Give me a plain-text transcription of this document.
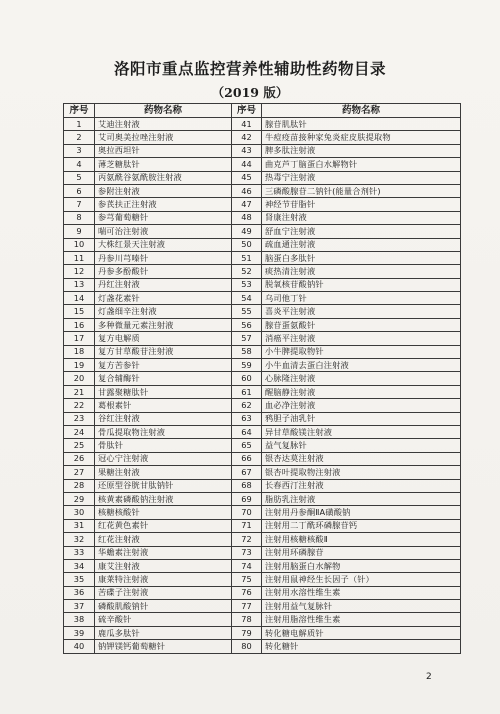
洛阳市重点监控营养性辅助性药物目录
（2019 版）
序号	药物名称	序号	药物名称
1	艾迪注射液	41	腺苷肌肽针
2	艾司奥美拉唑注射液	42	牛痘疫苗接种家兔炎症皮肤提取物
3	奥拉西坦针	43	脾多肽注射液
4	薄芝糖肽针	44	曲克芦丁脑蛋白水解物针
5	丙氨酰谷氨酰胺注射液	45	热毒宁注射液
6	参附注射液	46	三磷酸腺苷二钠针(能量合剂针)
7	参芪扶正注射液	47	神经节苷脂针
8	参芎葡萄糖针	48	肾康注射液
9	喘可治注射液	49	舒血宁注射液
10	大株红景天注射液	50	疏血通注射液
11	丹参川芎嗪针	51	脑蛋白多肽针
12	丹参多酚酸针	52	痰热清注射液
13	丹红注射液	53	脱氧核苷酸钠针
14	灯盏花素针	54	乌司他丁针
15	灯盏细辛注射液	55	喜炎平注射液
16	多种微量元素注射液	56	腺苷蛋氨酸针
17	复方电解质	57	消癌平注射液
18	复方甘草酸苷注射液	58	小牛脾提取物针
19	复方苦参针	59	小牛血清去蛋白注射液
20	复合辅酶针	60	心脉隆注射液
21	甘露聚糖肽针	61	醒脑静注射液
22	葛根素针	62	血必净注射液
23	谷红注射液	63	鸦胆子油乳针
24	骨瓜提取物注射液	64	异甘草酸镁注射液
25	骨肽针	65	益气复脉针
26	冠心宁注射液	66	银杏达莫注射液
27	果糖注射液	67	银杏叶提取物注射液
28	还原型谷胱甘肽钠针	68	长春西汀注射液
29	核黄素磷酸钠注射液	69	脂肪乳注射液
30	核糖核酸针	70	注射用丹参酮ⅡA磺酸钠
31	红花黄色素针	71	注射用二丁酰环磷腺苷钙
32	红花注射液	72	注射用核糖核酸Ⅱ
33	华蟾素注射液	73	注射用环磷腺苷
34	康艾注射液	74	注射用脑蛋白水解物
35	康莱特注射液	75	注射用鼠神经生长因子（针）
36	苦碟子注射液	76	注射用水溶性维生素
37	磷酸肌酸钠针	77	注射用益气复脉针
38	硫辛酸针	78	注射用脂溶性维生素
39	鹿瓜多肽针	79	转化糖电解质针
40	钠钾镁钙葡萄糖针	80	转化糖针
2
